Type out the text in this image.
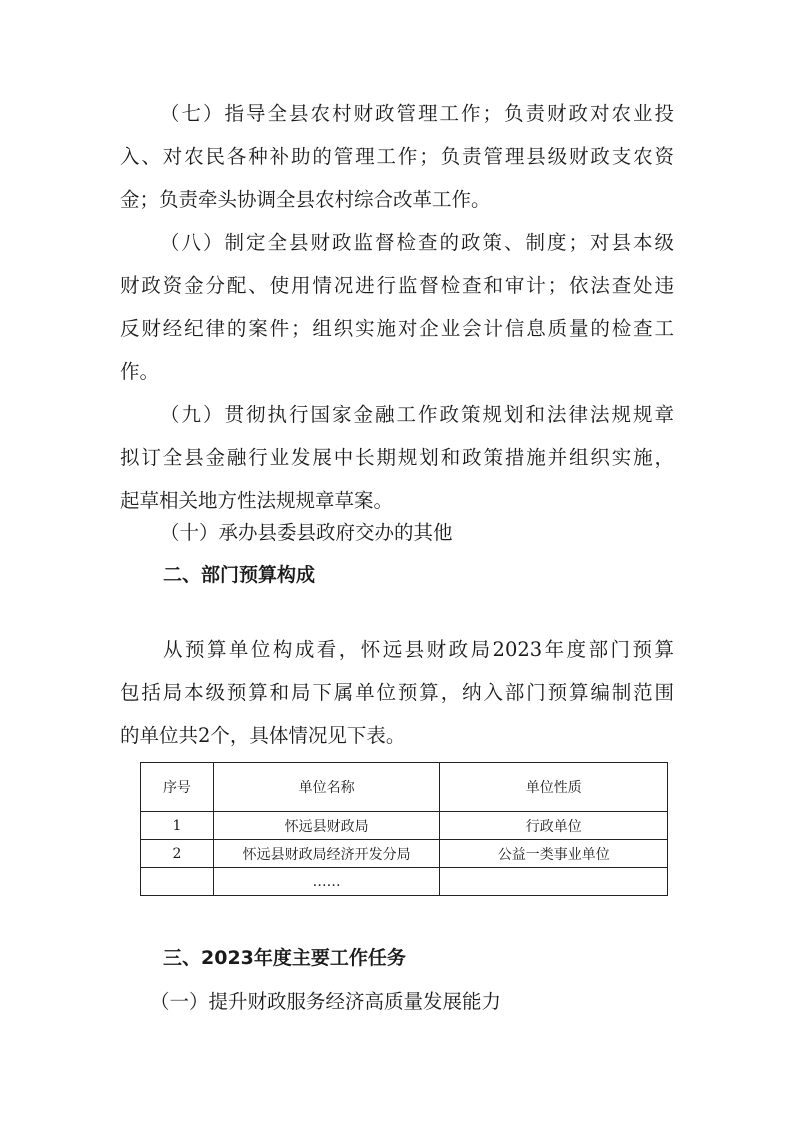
（七）指导全县农村财政管理工作；负责财政对农业投
入、对农民各种补助的管理工作；负责管理县级财政支农资
金；负责牵头协调全县农村综合改革工作。
（八）制定全县财政监督检查的政策、制度；对县本级
财政资金分配、使用情况进行监督检查和审计；依法查处违
反财经纪律的案件；组织实施对企业会计信息质量的检查工
作。
（九）贯彻执行国家金融工作政策规划和法律法规规章
拟订全县金融行业发展中长期规划和政策措施并组织实施，
起草相关地方性法规规章草案。
（十）承办县委县政府交办的其他
二、部门预算构成
从预算单位构成看，怀远县财政局2023年度部门预算
包括局本级预算和局下属单位预算，纳入部门预算编制范围
的单位共2个，具体情况见下表。
序号	单位名称	单位性质
1	怀远县财政局	行政单位
2	怀远县财政局经济开发分局	公益一类事业单位
	……	
三、2023年度主要工作任务
（一）提升财政服务经济高质量发展能力
